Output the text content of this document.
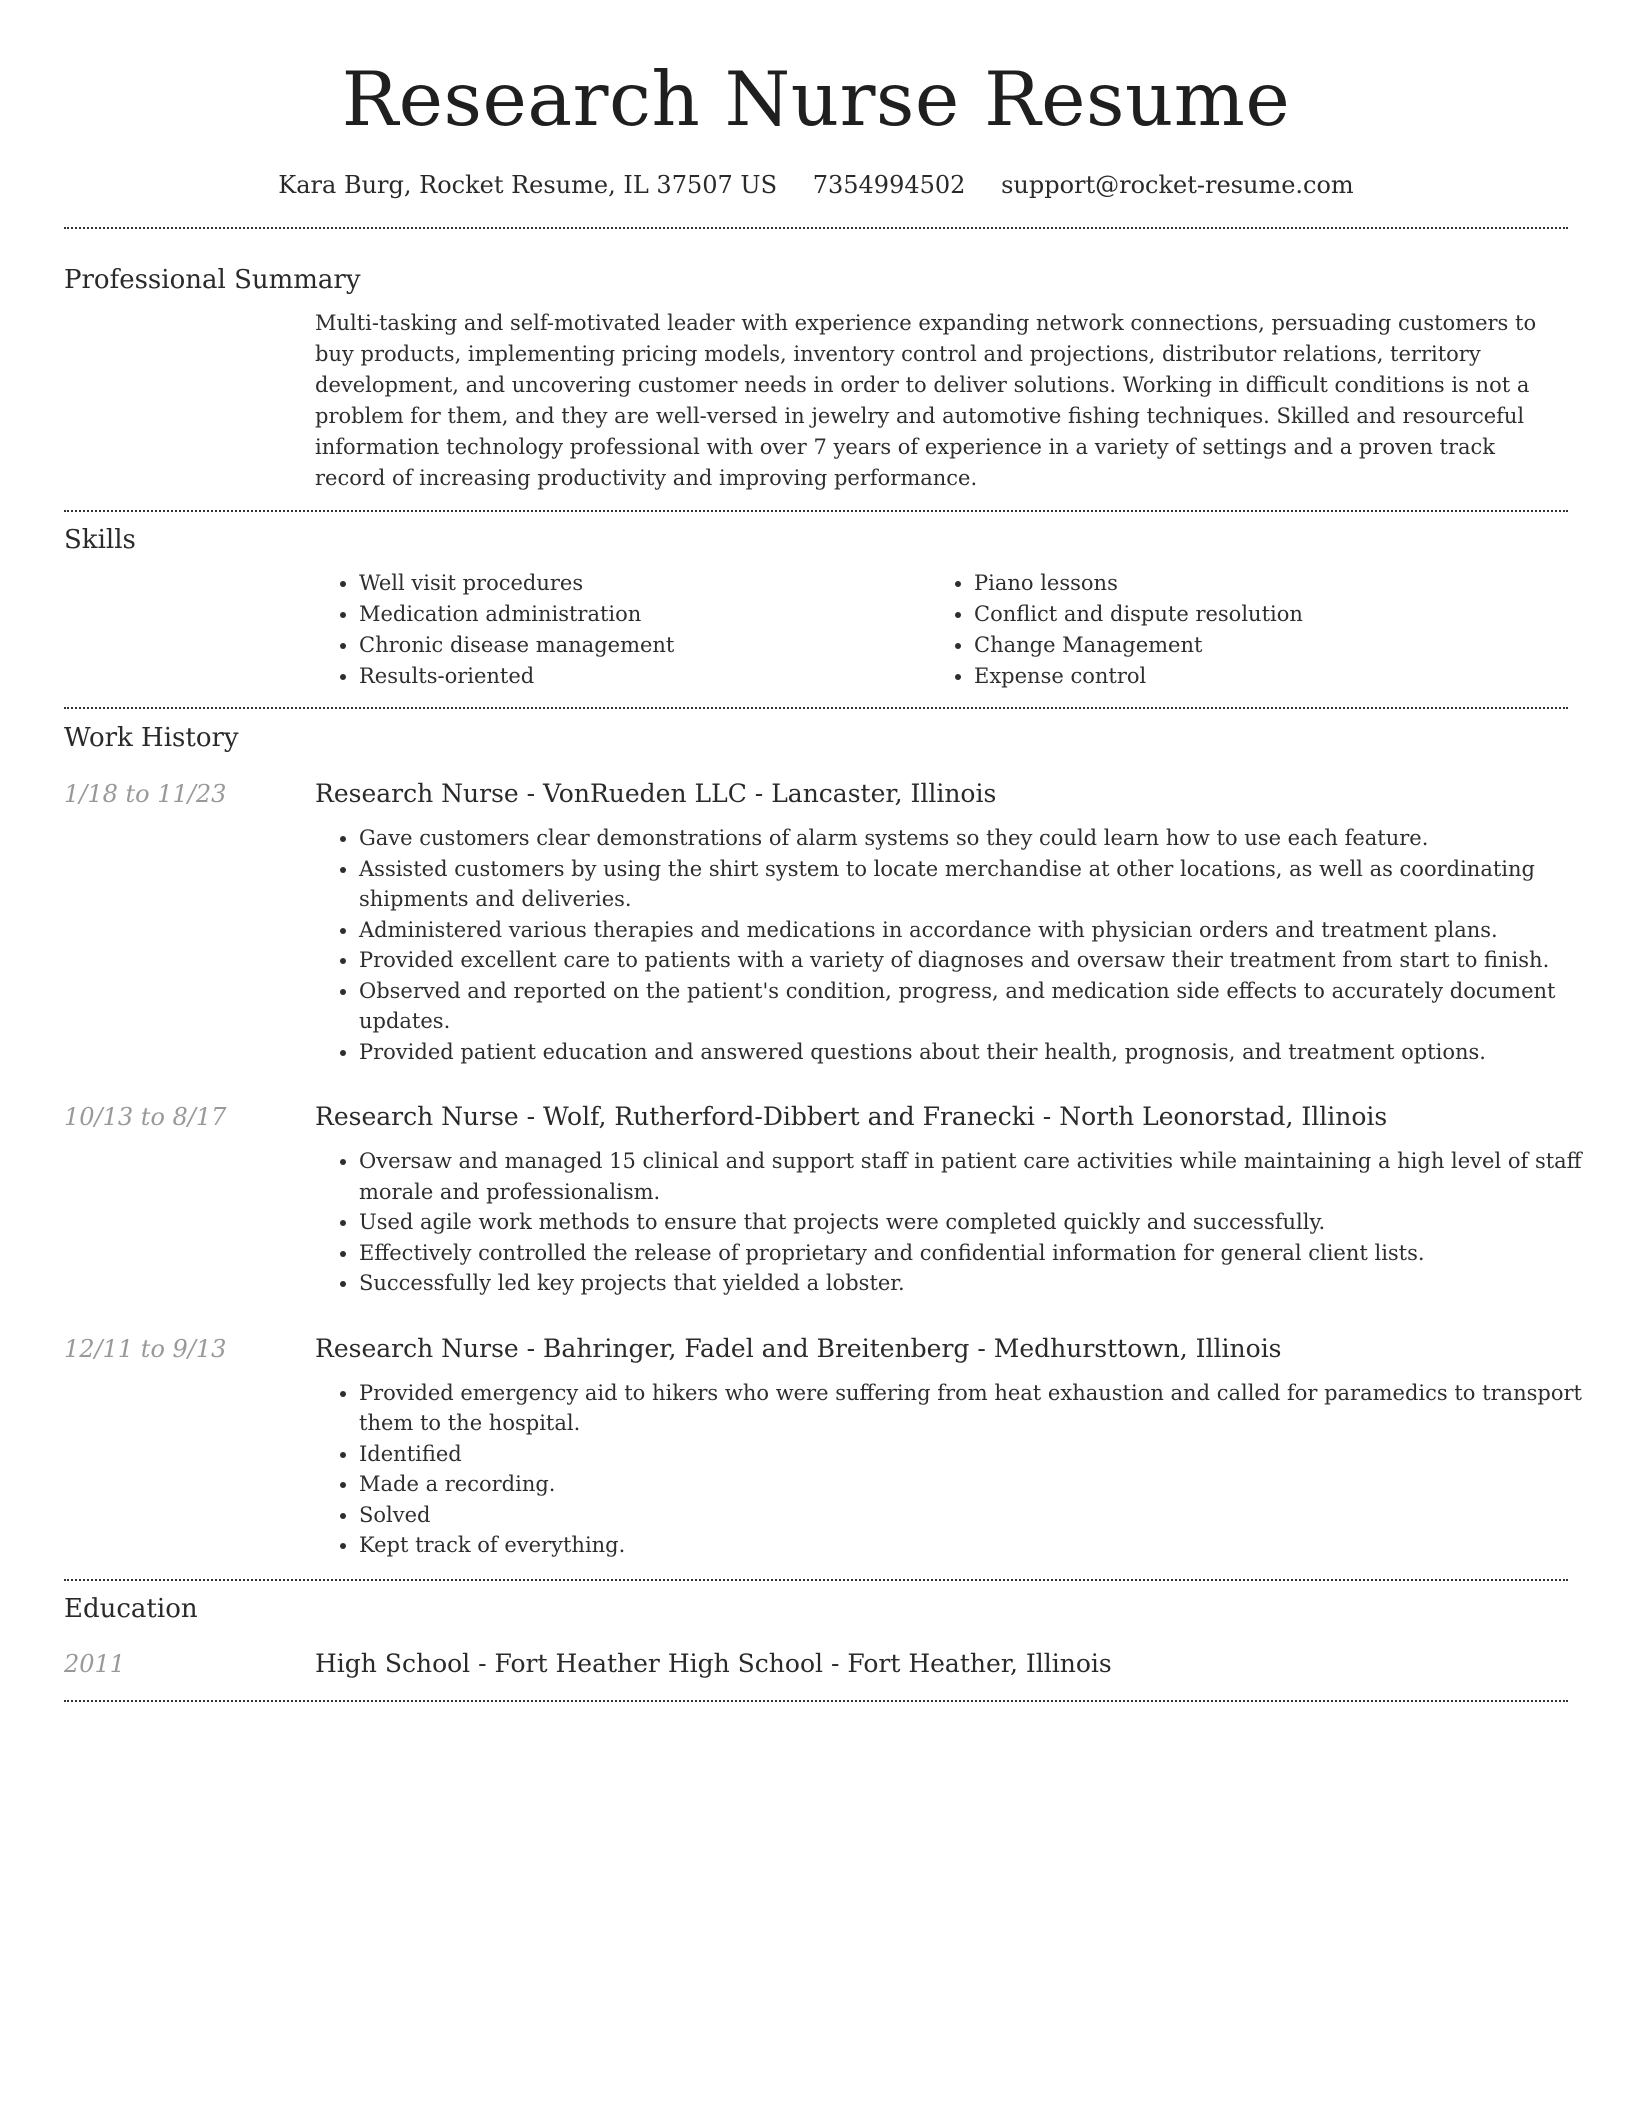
Research Nurse Resume
Kara Burg, Rocket Resume, IL 37507 US 7354994502 support@rocket-resume.com
Professional Summary
Multi-tasking and self-motivated leader with experience expanding network connections, persuading customers to buy products, implementing pricing models, inventory control and projections, distributor relations, territory development, and uncovering customer needs in order to deliver solutions. Working in difficult conditions is not a problem for them, and they are well-versed in jewelry and automotive fishing techniques. Skilled and resourceful information technology professional with over 7 years of experience in a variety of settings and a proven track record of increasing productivity and improving performance.
Skills
• Well visit procedures
• Medication administration
• Chronic disease management
• Results-oriented
• Piano lessons
• Conflict and dispute resolution
• Change Management
• Expense control
Work History
1/18 to 11/23	Research Nurse - VonRueden LLC - Lancaster, Illinois
• Gave customers clear demonstrations of alarm systems so they could learn how to use each feature.
• Assisted customers by using the shirt system to locate merchandise at other locations, as well as coordinating shipments and deliveries.
• Administered various therapies and medications in accordance with physician orders and treatment plans.
• Provided excellent care to patients with a variety of diagnoses and oversaw their treatment from start to finish.
• Observed and reported on the patient's condition, progress, and medication side effects to accurately document updates.
• Provided patient education and answered questions about their health, prognosis, and treatment options.
10/13 to 8/17	Research Nurse - Wolf, Rutherford-Dibbert and Franecki - North Leonorstad, Illinois
• Oversaw and managed 15 clinical and support staff in patient care activities while maintaining a high level of staff morale and professionalism.
• Used agile work methods to ensure that projects were completed quickly and successfully.
• Effectively controlled the release of proprietary and confidential information for general client lists.
• Successfully led key projects that yielded a lobster.
12/11 to 9/13	Research Nurse - Bahringer, Fadel and Breitenberg - Medhursttown, Illinois
• Provided emergency aid to hikers who were suffering from heat exhaustion and called for paramedics to transport them to the hospital.
• Identified
• Made a recording.
• Solved
• Kept track of everything.
Education
2011	High School - Fort Heather High School - Fort Heather, Illinois
